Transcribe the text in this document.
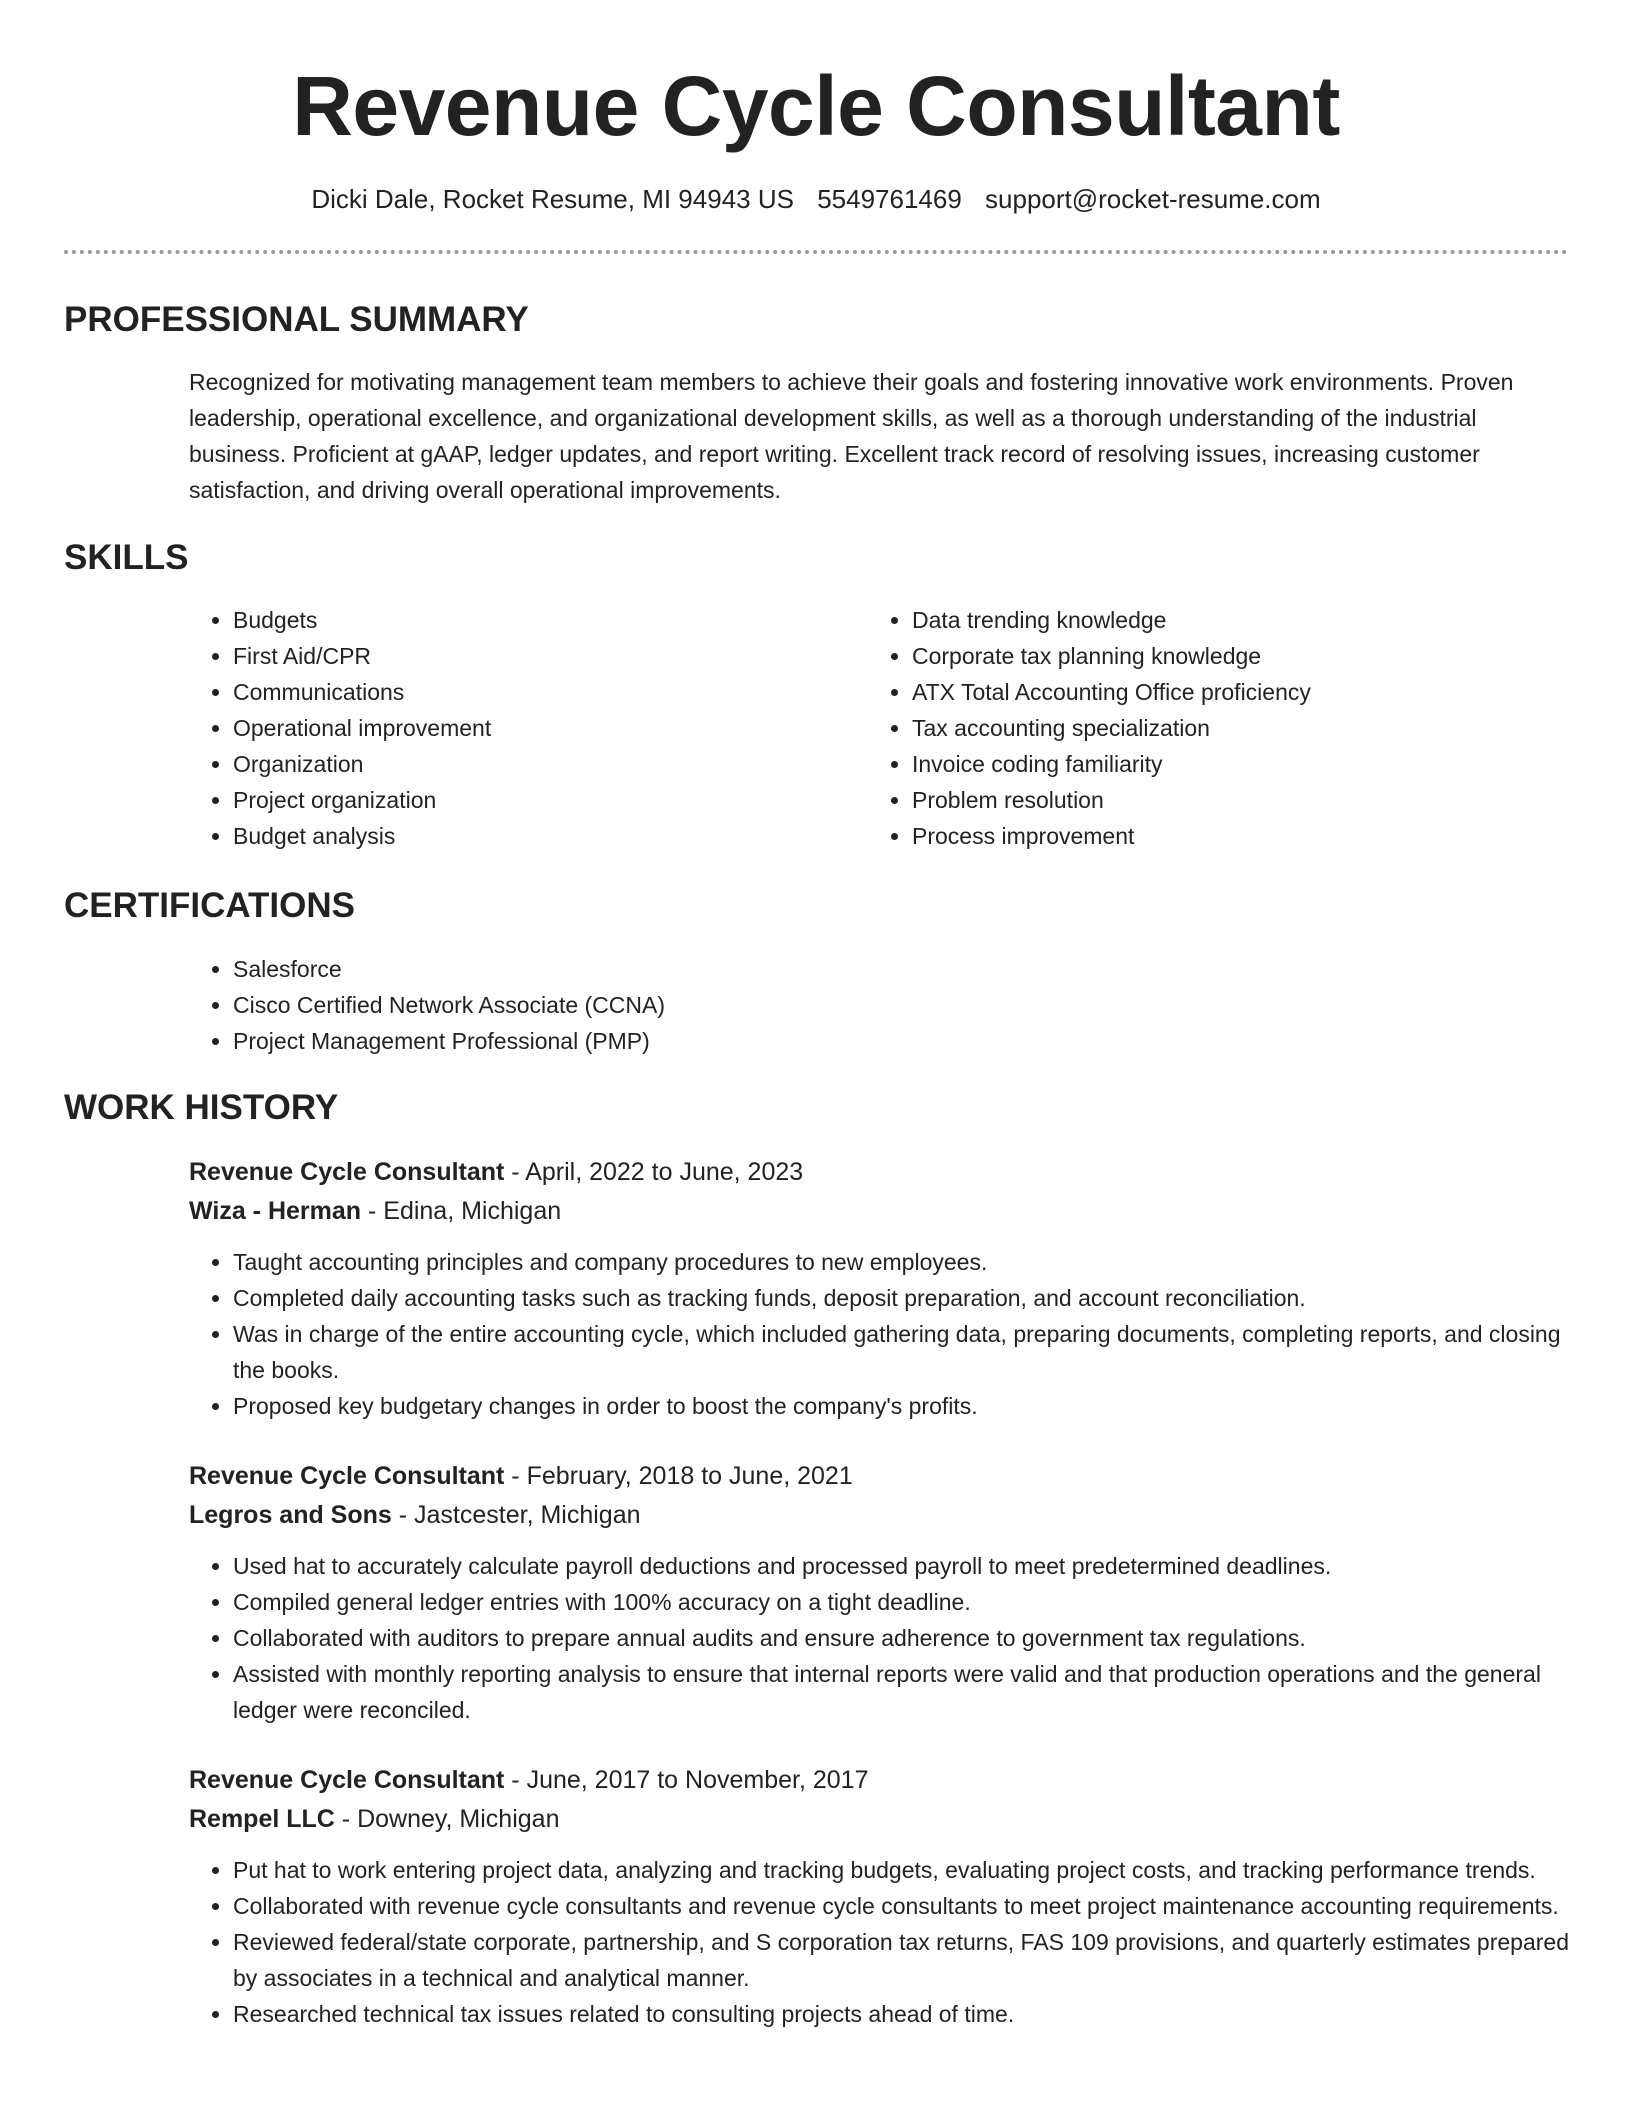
Revenue Cycle Consultant
Dicki Dale, Rocket Resume, MI 94943 US 5549761469 support@rocket-resume.com
PROFESSIONAL SUMMARY

Recognized for motivating management team members to achieve their goals and fostering innovative work environments. Proven leadership, operational excellence, and organizational development skills, as well as a thorough understanding of the industrial business. Proficient at gAAP, ledger updates, and report writing. Excellent track record of resolving issues, increasing customer satisfaction, and driving overall operational improvements.

SKILLS
• Budgets
• First Aid/CPR
• Communications
• Operational improvement
• Organization
• Project organization
• Budget analysis
• Data trending knowledge
• Corporate tax planning knowledge
• ATX Total Accounting Office proficiency
• Tax accounting specialization
• Invoice coding familiarity
• Problem resolution
• Process improvement
CERTIFICATIONS
• Salesforce
• Cisco Certified Network Associate (CCNA)
• Project Management Professional (PMP)
WORK HISTORY
Revenue Cycle Consultant - April, 2022 to June, 2023
Wiza - Herman - Edina, Michigan
• Taught accounting principles and company procedures to new employees.
• Completed daily accounting tasks such as tracking funds, deposit preparation, and account reconciliation.
• Was in charge of the entire accounting cycle, which included gathering data, preparing documents, completing reports, and closing the books.
• Proposed key budgetary changes in order to boost the company's profits.
Revenue Cycle Consultant - February, 2018 to June, 2021
Legros and Sons - Jastcester, Michigan
• Used hat to accurately calculate payroll deductions and processed payroll to meet predetermined deadlines.
• Compiled general ledger entries with 100% accuracy on a tight deadline.
• Collaborated with auditors to prepare annual audits and ensure adherence to government tax regulations.
• Assisted with monthly reporting analysis to ensure that internal reports were valid and that production operations and the general ledger were reconciled.
Revenue Cycle Consultant - June, 2017 to November, 2017
Rempel LLC - Downey, Michigan
• Put hat to work entering project data, analyzing and tracking budgets, evaluating project costs, and tracking performance trends.
• Collaborated with revenue cycle consultants and revenue cycle consultants to meet project maintenance accounting requirements.
• Reviewed federal/state corporate, partnership, and S corporation tax returns, FAS 109 provisions, and quarterly estimates prepared by associates in a technical and analytical manner.
• Researched technical tax issues related to consulting projects ahead of time.
